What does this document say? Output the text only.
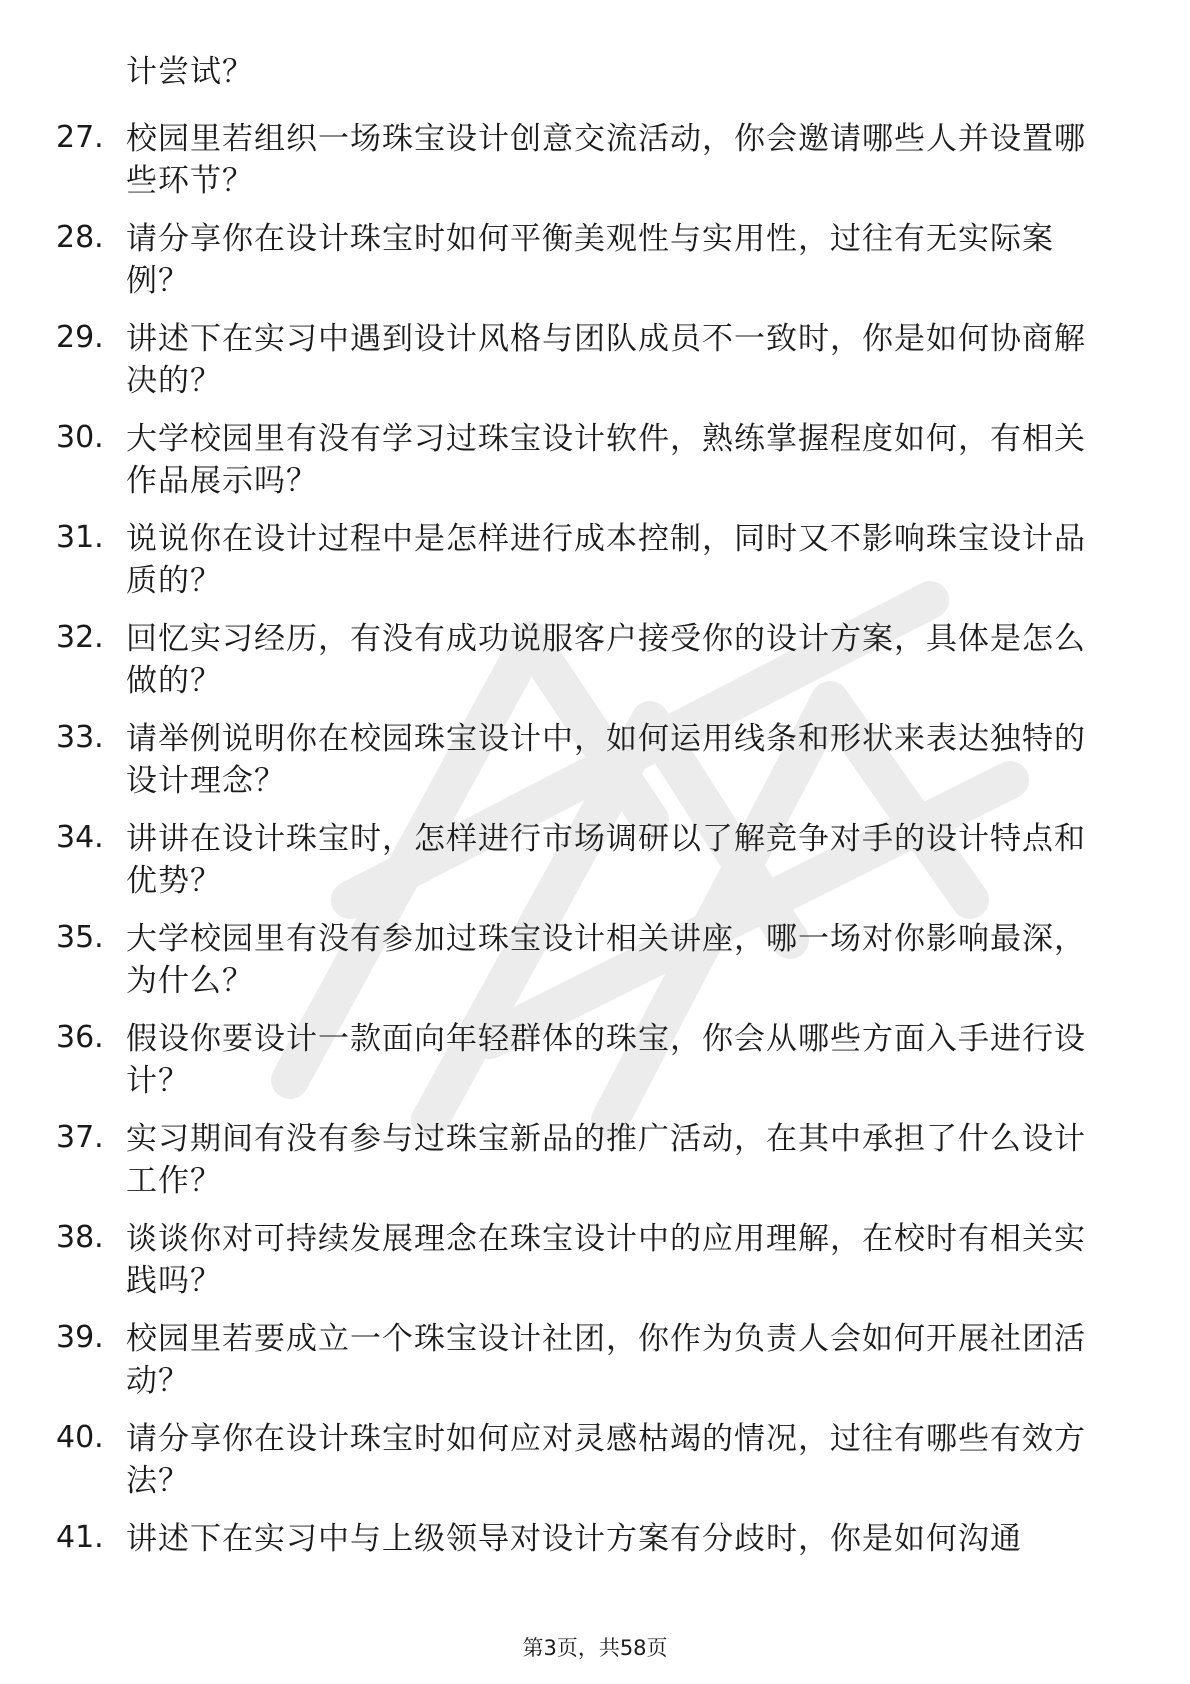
计尝试？
27. 校园里若组织一场珠宝设计创意交流活动，你会邀请哪些人并设置哪些环节？
28. 请分享你在设计珠宝时如何平衡美观性与实用性，过往有无实际案例？
29. 讲述下在实习中遇到设计风格与团队成员不一致时，你是如何协商解决的？
30. 大学校园里有没有学习过珠宝设计软件，熟练掌握程度如何，有相关作品展示吗？
31. 说说你在设计过程中是怎样进行成本控制，同时又不影响珠宝设计品质的？
32. 回忆实习经历，有没有成功说服客户接受你的设计方案，具体是怎么做的？
33. 请举例说明你在校园珠宝设计中，如何运用线条和形状来表达独特的设计理念？
34. 讲讲在设计珠宝时，怎样进行市场调研以了解竞争对手的设计特点和优势？
35. 大学校园里有没有参加过珠宝设计相关讲座，哪一场对你影响最深，为什么？
36. 假设你要设计一款面向年轻群体的珠宝，你会从哪些方面入手进行设计？
37. 实习期间有没有参与过珠宝新品的推广活动，在其中承担了什么设计工作？
38. 谈谈你对可持续发展理念在珠宝设计中的应用理解，在校时有相关实践吗？
39. 校园里若要成立一个珠宝设计社团，你作为负责人会如何开展社团活动？
40. 请分享你在设计珠宝时如何应对灵感枯竭的情况，过往有哪些有效方法？
41. 讲述下在实习中与上级领导对设计方案有分歧时，你是如何沟通
第3页，共58页
